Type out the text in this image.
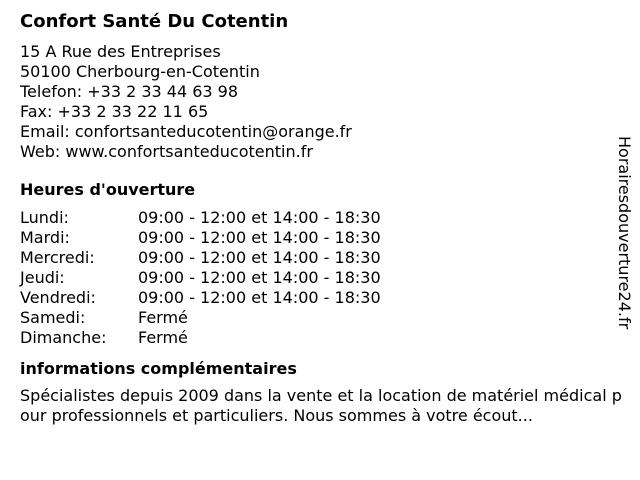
Confort Santé Du Cotentin
15 A Rue des Entreprises
50100 Cherbourg-en-Cotentin
Telefon: +33 2 33 44 63 98
Fax: +33 2 33 22 11 65
Email: confortsanteducotentin@orange.fr
Web: www.confortsanteducotentin.fr
Heures d'ouverture
Lundi:	09:00 - 12:00 et 14:00 - 18:30
Mardi:	09:00 - 12:00 et 14:00 - 18:30
Mercredi:	09:00 - 12:00 et 14:00 - 18:30
Jeudi:	09:00 - 12:00 et 14:00 - 18:30
Vendredi:	09:00 - 12:00 et 14:00 - 18:30
Samedi:	Fermé
Dimanche: Fermé
informations complémentaires
Spécialistes depuis 2009 dans la vente et la location de matériel médical pour professionnels et particuliers. Nous sommes à votre écout...
Horairesdouverture24.fr
